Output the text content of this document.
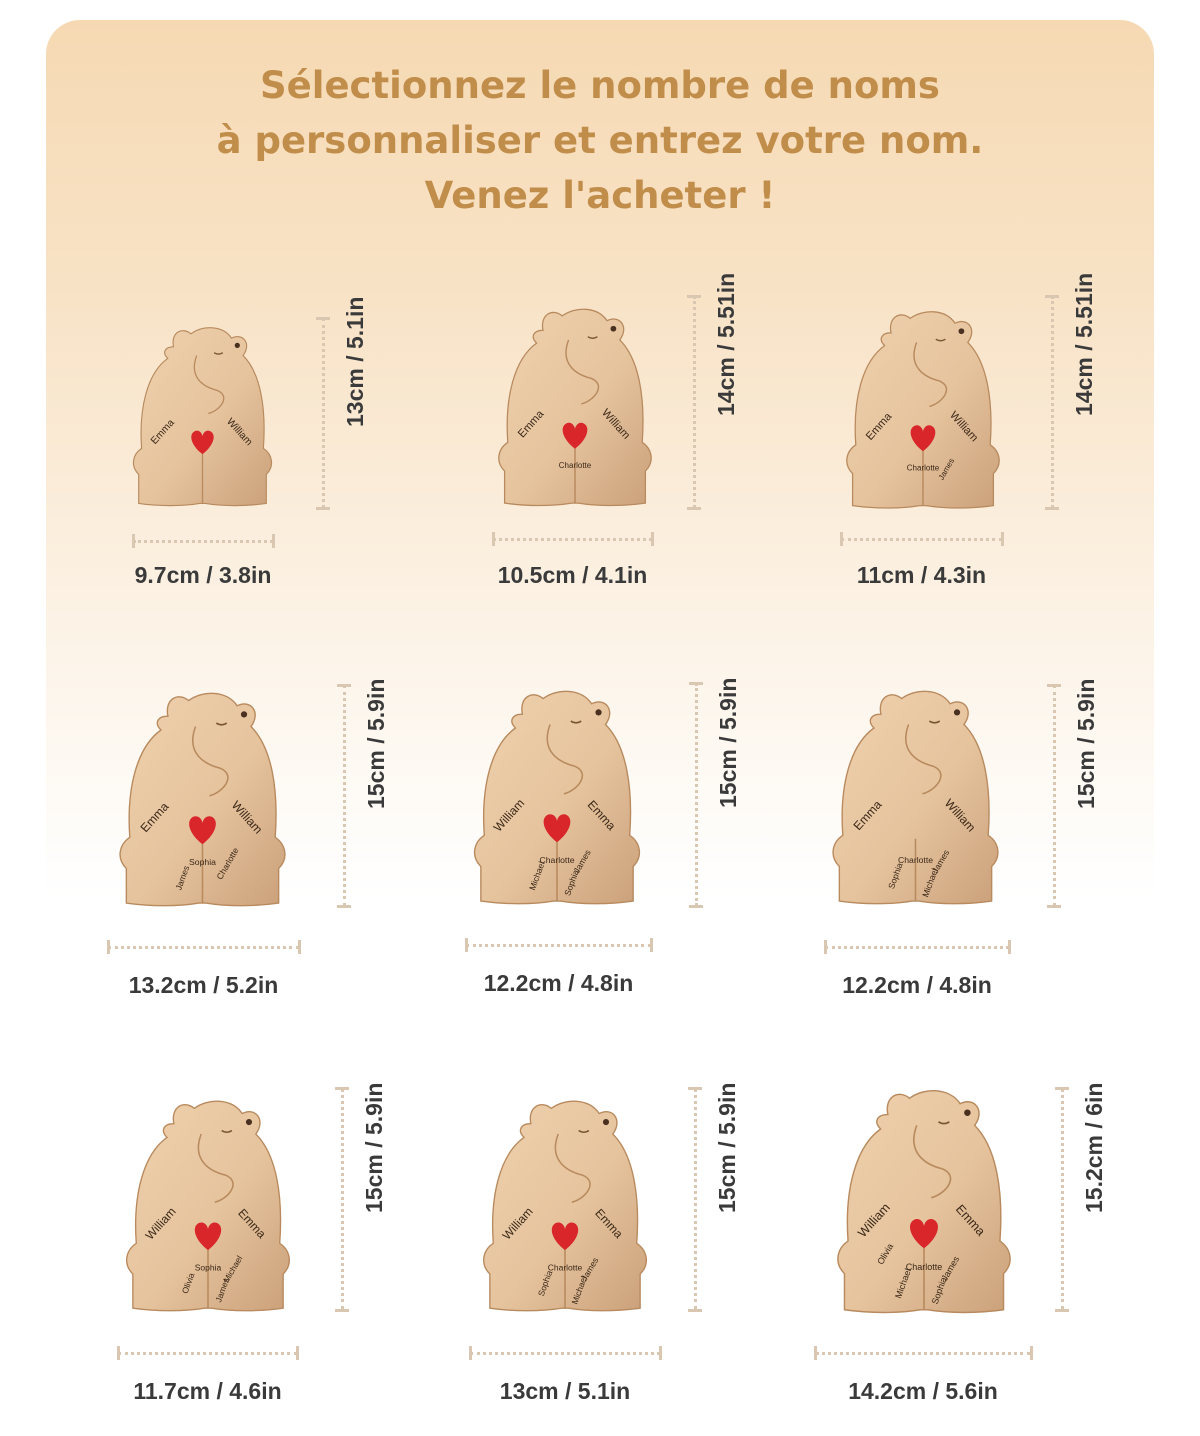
Sélectionnez le nombre de noms
à personnaliser et entrez votre nom.
Venez l'acheter !
Emma	William
9.7cm / 3.8in
13cm / 5.1in	Emma	William
Charlotte
10.5cm / 4.1in
14cm / 5.51in
Emma	William
Charlotte
James
11cm / 4.3in
14cm / 5.51in
Emma	William
Sophia
Charlotte
James
13.2cm / 5.2in
15cm / 5.9in
William	Emma
Charlotte
James
Michael	Sophia
12.2cm / 4.8in
15cm / 5.9in
Emma	William
Charlotte
James
Sophia	Michael
12.2cm / 4.8in
15cm / 5.9in
William	Emma
Sophia Michael
Olivia	James
11.7cm / 4.6in
15cm / 5.9in
William	Emma
Charlotte
James
Sophia	Michael
13cm / 5.1in
15cm / 5.9in
William	Emma
Charlotte
James
Michael	Sophia
Olivia
14.2cm / 5.6in
15.2cm / 6in
